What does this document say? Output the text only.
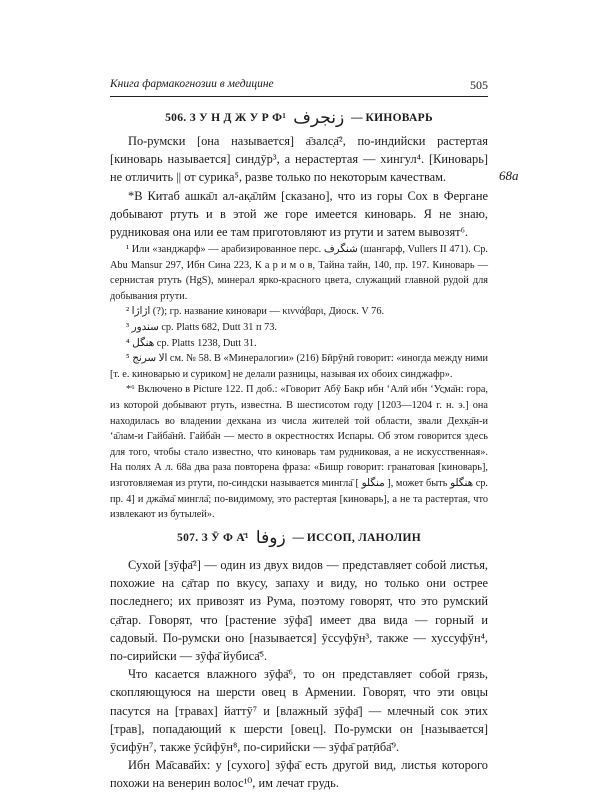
Книга фармакогнозии в медицине	505
506. З У Н Д Ж У Р Ф¹ زنجرف — КИНОВАРЬ

По-румски [она называется] а̄залс̣а̄², по-индийски растертая [киноварь называется] синдӯр³, а нерастертая — хингул⁴. [Киноварь] не отличить || от сурика⁵, разве только по некоторым качествам.

*В Китаб ашка̄л ал-ак̣а̄лӣм [сказано], что из горы Сох в Фергане добывают ртуть и в этой же горе имеется киноварь. Я не знаю, рудниковая она или ее там приготовляют из ртути и затем вывозят⁶.

68a

¹ Или «занджарф» — арабизированное перс. شنگرف (шангарф, Vullers II 471). Ср. Abu Mansur 297, Ибн Сина 223, К а р и м о в, Тайна тайн, 140, пр. 197. Киноварь — сернистая ртуть (HgS), минерал ярко-красного цвета, служащий главной рудой для добывания ртути.

² اژاژا (?); гр. название киновари — κιννάβαρι, Диоск. V 76.

³ سندور ср. Platts 682, Dutt 31 п 73.

⁴ هنگل ср. Platts 1238, Dutt 31.

⁵ الا سرنج см. № 58. В «Минералогии» (216) Бӣрӯнӣ говорит: «иногда между ними [т. е. киноварью и суриком] не делали разницы, называя их обоих синджафр».

*⁶ Включено в Picture 122. П доб.: «Говорит Абӯ Бакр ибн ʻАлӣ ибн ʻУс̱ма̄н: гора, из которой добывают ртуть, известна. В шестисотом году [1203—1204 г. н. э.] она находилась во владении дехкана из числа жителей той области, звали Дехк̣а̄н-и ʻа̄лам-и Гайба̄нӣ. Гайба̄н — место в окрестностях Испары. Об этом говорится здесь для того, чтобы стало известно, что киноварь там рудниковая, а не искусственная». На полях А л. 68а два раза повторена фраза: «Бишр говорит: гранатовая [киноварь], изготовляемая из ртути, по-синдски называется мингла̄ [ منگلو ], может быть هنگلو ср. пр. 4] и джа̄ма̄ мингла̄; по-видимому, это растертая [киноварь], а не та растертая, что извлекают из бутылей».

507. З Ӯ Ф А̄¹ زوفا — ИССОП, ЛАНОЛИН

Сухой [зӯфа̄²] — один из двух видов — представляет собой листья, похожие на с̣а̄тар по вкусу, запаху и виду, но только они острее последнего; их привозят из Рума, поэтому говорят, что это румский с̣а̄тар. Говорят, что [растение зӯфа̄] имеет два вида — горный и садовый. По-румски оно [называется] ӯссуфӯн³, также — хуссуфӯн⁴, по-сирийски — зӯфа̄ йубиса̄⁵.

Что касается влажного зӯфа̄⁶, то он представляет собой грязь, скопляющуюся на шерсти овец в Армении. Говорят, что эти овцы пасутся на [травах] йаттӯ⁷ и [влажный зӯфа̄] — млечный сок этих [трав], попадающий к шерсти [овец]. По-румски он [называется] ӯсифӯн⁷, также ӯсӣфӯн⁸, по-сирийски — зӯфа̄ рат̣ӣба̄⁹.

Ибн Ма̄сава̄йх: у [сухого] зӯфа̄ есть другой вид, листья которого похожи на венерин волос¹⁰, им лечат грудь.
